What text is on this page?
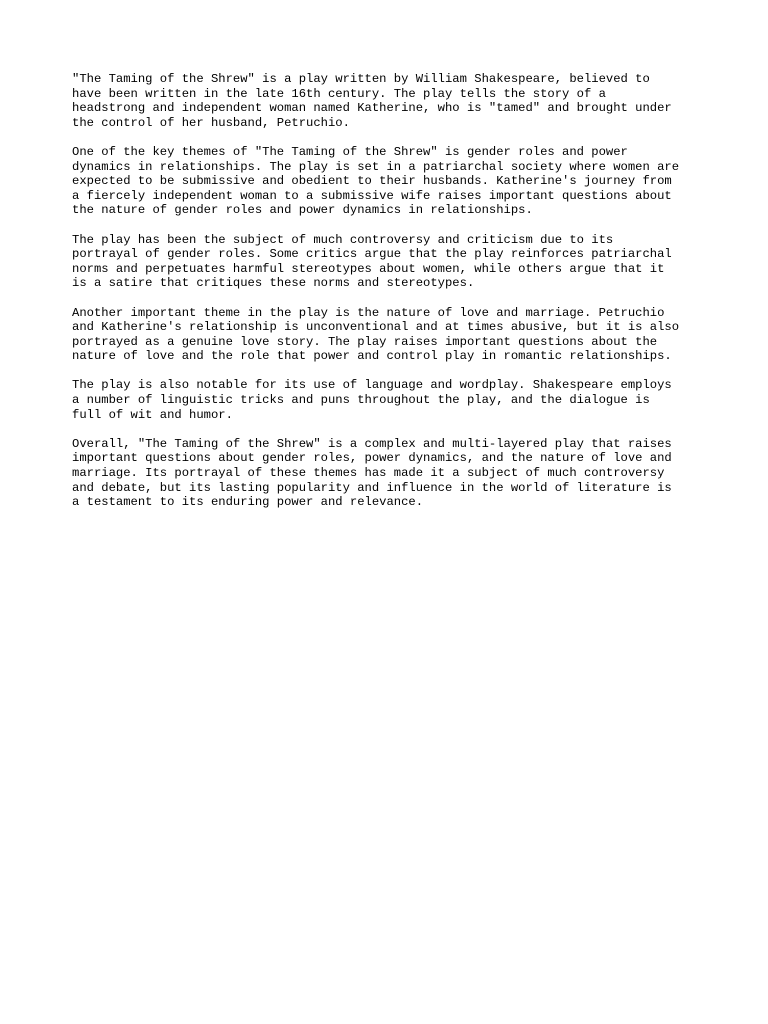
"The Taming of the Shrew" is a play written by William Shakespeare, believed to
have been written in the late 16th century. The play tells the story of a
headstrong and independent woman named Katherine, who is "tamed" and brought under
the control of her husband, Petruchio.

One of the key themes of "The Taming of the Shrew" is gender roles and power
dynamics in relationships. The play is set in a patriarchal society where women are
expected to be submissive and obedient to their husbands. Katherine's journey from
a fiercely independent woman to a submissive wife raises important questions about
the nature of gender roles and power dynamics in relationships.

The play has been the subject of much controversy and criticism due to its
portrayal of gender roles. Some critics argue that the play reinforces patriarchal
norms and perpetuates harmful stereotypes about women, while others argue that it
is a satire that critiques these norms and stereotypes.

Another important theme in the play is the nature of love and marriage. Petruchio
and Katherine's relationship is unconventional and at times abusive, but it is also
portrayed as a genuine love story. The play raises important questions about the
nature of love and the role that power and control play in romantic relationships.

The play is also notable for its use of language and wordplay. Shakespeare employs
a number of linguistic tricks and puns throughout the play, and the dialogue is
full of wit and humor.

Overall, "The Taming of the Shrew" is a complex and multi-layered play that raises
important questions about gender roles, power dynamics, and the nature of love and
marriage. Its portrayal of these themes has made it a subject of much controversy
and debate, but its lasting popularity and influence in the world of literature is
a testament to its enduring power and relevance.
